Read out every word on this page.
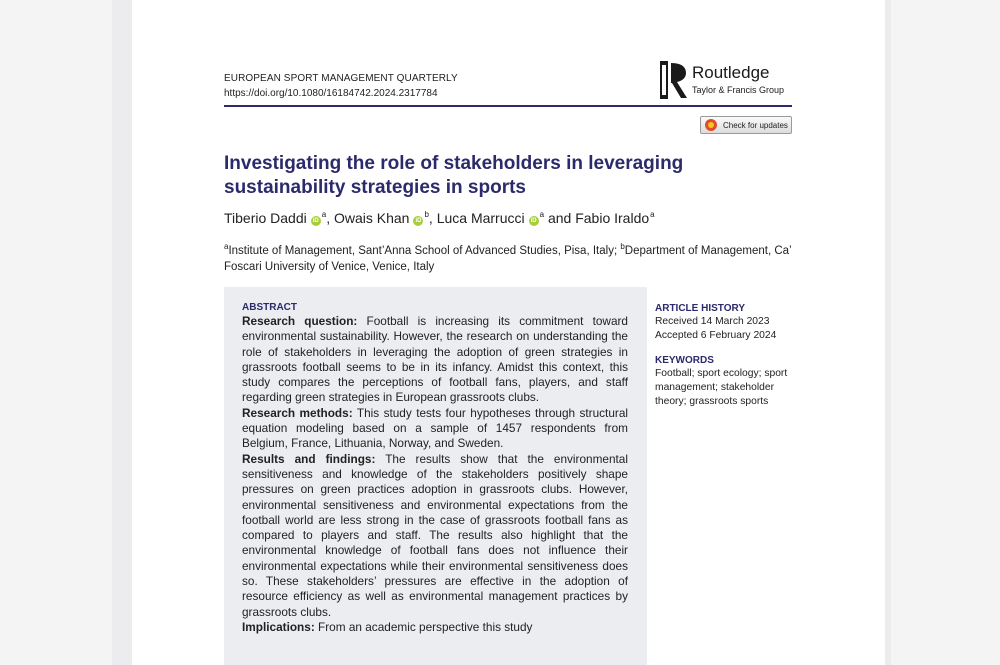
EUROPEAN SPORT MANAGEMENT QUARTERLY
https://doi.org/10.1080/16184742.2024.2317784
Routledge
Taylor & Francis Group
Check for updates
Investigating the role of stakeholders in leveraging sustainability strategies in sports
Tiberio Daddi iD$^a$, Owais Khan iD$^b$, Luca Marrucci iD$^a$ and Fabio Iraldo$^a$
$^a$Institute of Management, Sant’Anna School of Advanced Studies, Pisa, Italy; $^b$Department of Management, Ca’ Foscari University of Venice, Venice, Italy
ABSTRACT

Research question: Football is increasing its commitment toward environmental sustainability. However, the research on understanding the role of stakeholders in leveraging the adoption of green strategies in grassroots football seems to be in its infancy. Amidst this context, this study compares the perceptions of football fans, players, and staff regarding green strategies in European grassroots clubs.

Research methods: This study tests four hypotheses through structural equation modeling based on a sample of 1457 respondents from Belgium, France, Lithuania, Norway, and Sweden.

Results and findings: The results show that the environmental sensitiveness and knowledge of the stakeholders positively shape pressures on green practices adoption in grassroots clubs. However, environmental sensitiveness and environmental expectations from the football world are less strong in the case of grassroots football fans as compared to players and staff. The results also highlight that the environmental knowledge of football fans does not influence their environmental expectations while their environmental sensitiveness does so. These stakeholders’ pressures are effective in the adoption of resource efficiency as well as environmental management practices by grassroots clubs.

Implications: From an academic perspective this study

ARTICLE HISTORY
Received 14 March 2023
Accepted 6 February 2024
KEYWORDS
Football; sport ecology; sport management; stakeholder theory; grassroots sports
